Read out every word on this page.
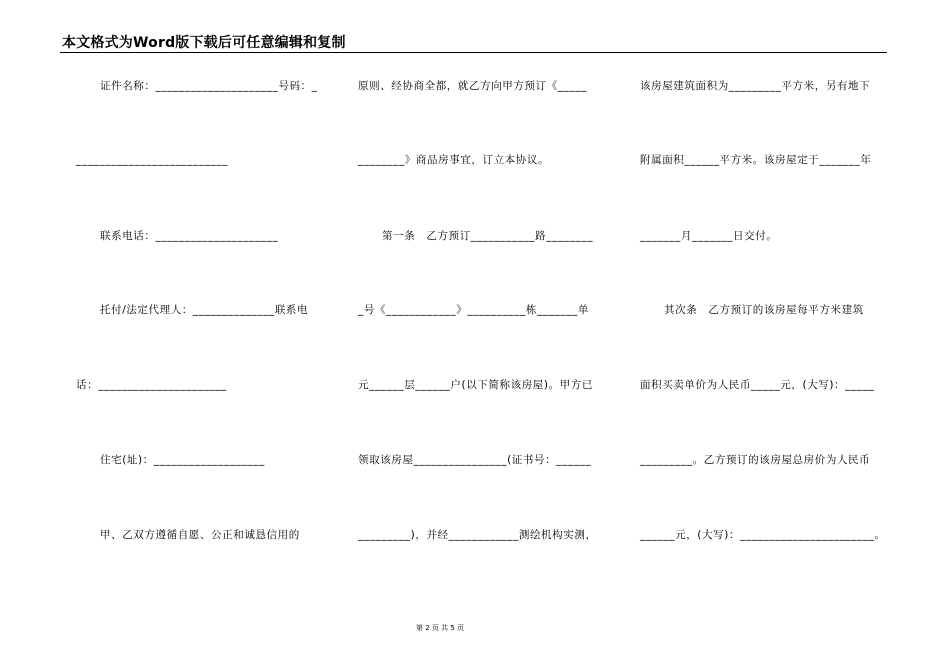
本文格式为Word版下载后可任意编辑和复制
证件名称：_____________________号码：_
__________________________
联系电话：_____________________
托付/法定代理人：______________联系电
话：______________________
住宅(址)：___________________
甲、乙双方遵循自愿、公正和诚恳信用的
原则、经协商全都，就乙方向甲方预订《_____
________》商品房事宜，订立本协议。
第一条　乙方预订___________路________
_号《____________》__________栋_______单
元______层______户(以下简称该房屋)。甲方已
领取该房屋________________(证书号：______
_________)，并经____________测绘机构实测，
该房屋建筑面积为_________平方米，另有地下
附属面积______平方米。该房屋定于_______年
_______月_______日交付。
其次条　乙方预订的该房屋每平方米建筑
面积买卖单价为人民币_____元，(大写)：_____
_________。乙方预订的该房屋总房价为人民币
______元，(大写)：_______________________。
第 2 页 共 5 页
